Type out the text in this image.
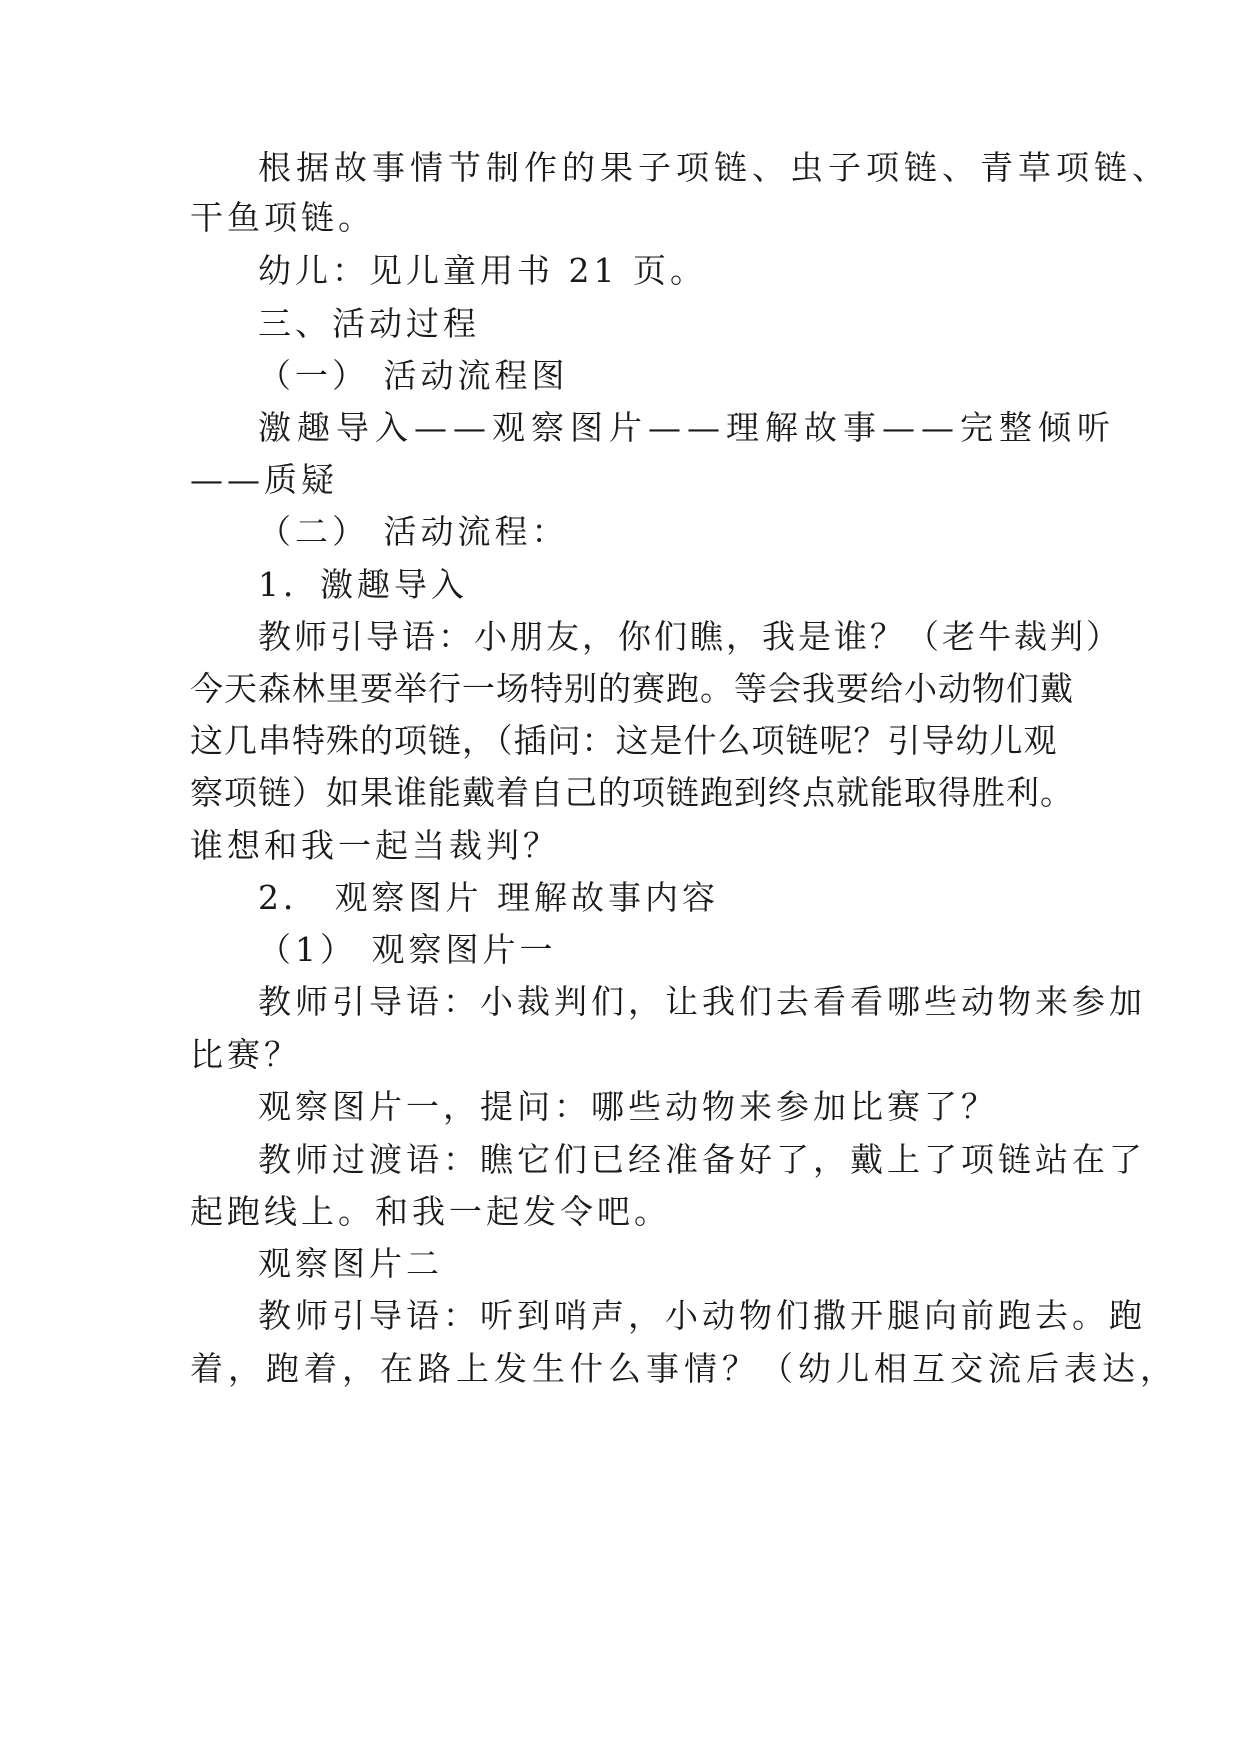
根据故事情节制作的果子项链、虫子项链、青草项链、
干鱼项链。
幼儿：见儿童用书 21 页。
三、活动过程
（一） 活动流程图
激趣导入——观察图片——理解故事——完整倾听
——质疑
（二） 活动流程：
1．激趣导入
教师引导语：小朋友，你们瞧，我是谁？（老牛裁判）
今天森林里要举行一场特别的赛跑。等会我要给小动物们戴
这几串特殊的项链，（插问：这是什么项链呢？引导幼儿观
察项链）如果谁能戴着自己的项链跑到终点就能取得胜利。
谁想和我一起当裁判？
2． 观察图片 理解故事内容
（1） 观察图片一
教师引导语：小裁判们，让我们去看看哪些动物来参加
比赛？
观察图片一，提问：哪些动物来参加比赛了？
教师过渡语：瞧它们已经准备好了，戴上了项链站在了
起跑线上。和我一起发令吧。
观察图片二
教师引导语：听到哨声，小动物们撒开腿向前跑去。跑
着，跑着，在路上发生什么事情？（幼儿相互交流后表达，
